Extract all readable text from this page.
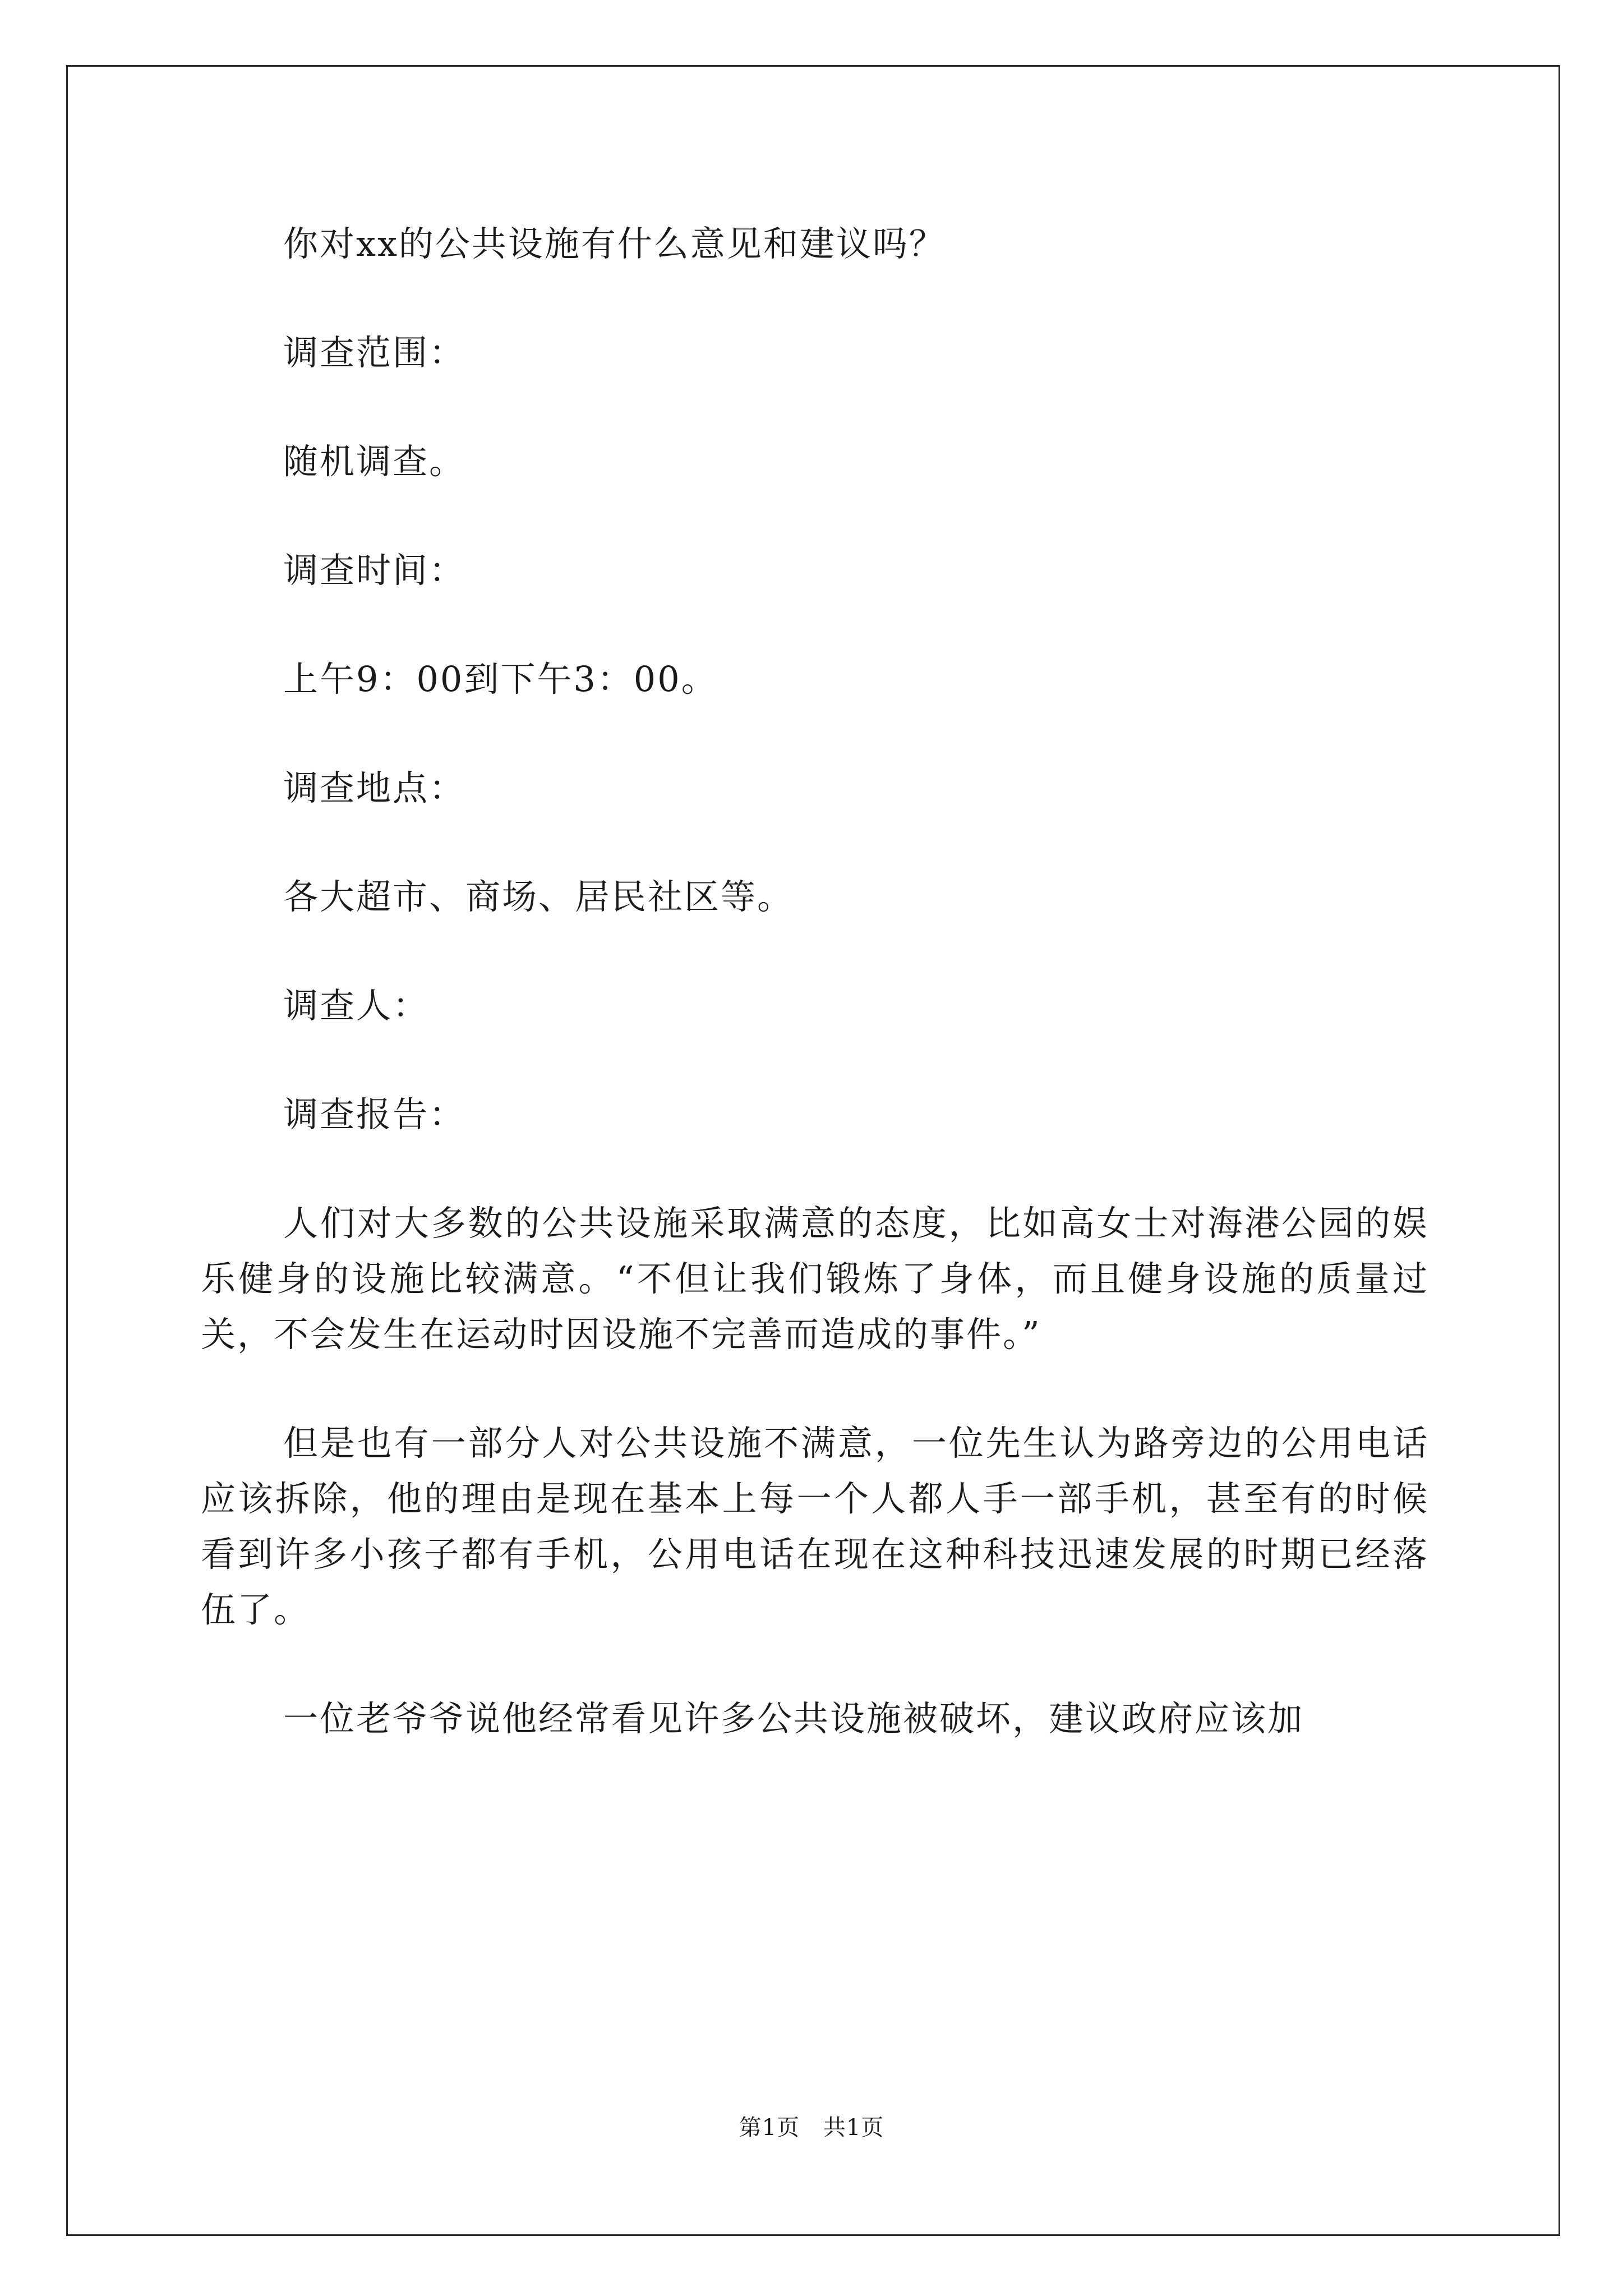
你对xx的公共设施有什么意见和建议吗？

调查范围：

随机调查。

调查时间：

上午9：00到下午3：00。

调查地点：

各大超市、商场、居民社区等。

调查人：

调查报告：

人们对大多数的公共设施采取满意的态度，比如高女士对海港公园的娱乐健身的设施比较满意。“不但让我们锻炼了身体，而且健身设施的质量过关，不会发生在运动时因设施不完善而造成的事件。”

但是也有一部分人对公共设施不满意，一位先生认为路旁边的公用电话应该拆除，他的理由是现在基本上每一个人都人手一部手机，甚至有的时候看到许多小孩子都有手机，公用电话在现在这种科技迅速发展的时期已经落伍了。

一位老爷爷说他经常看见许多公共设施被破坏，建议政府应该加

第1页 共1页
